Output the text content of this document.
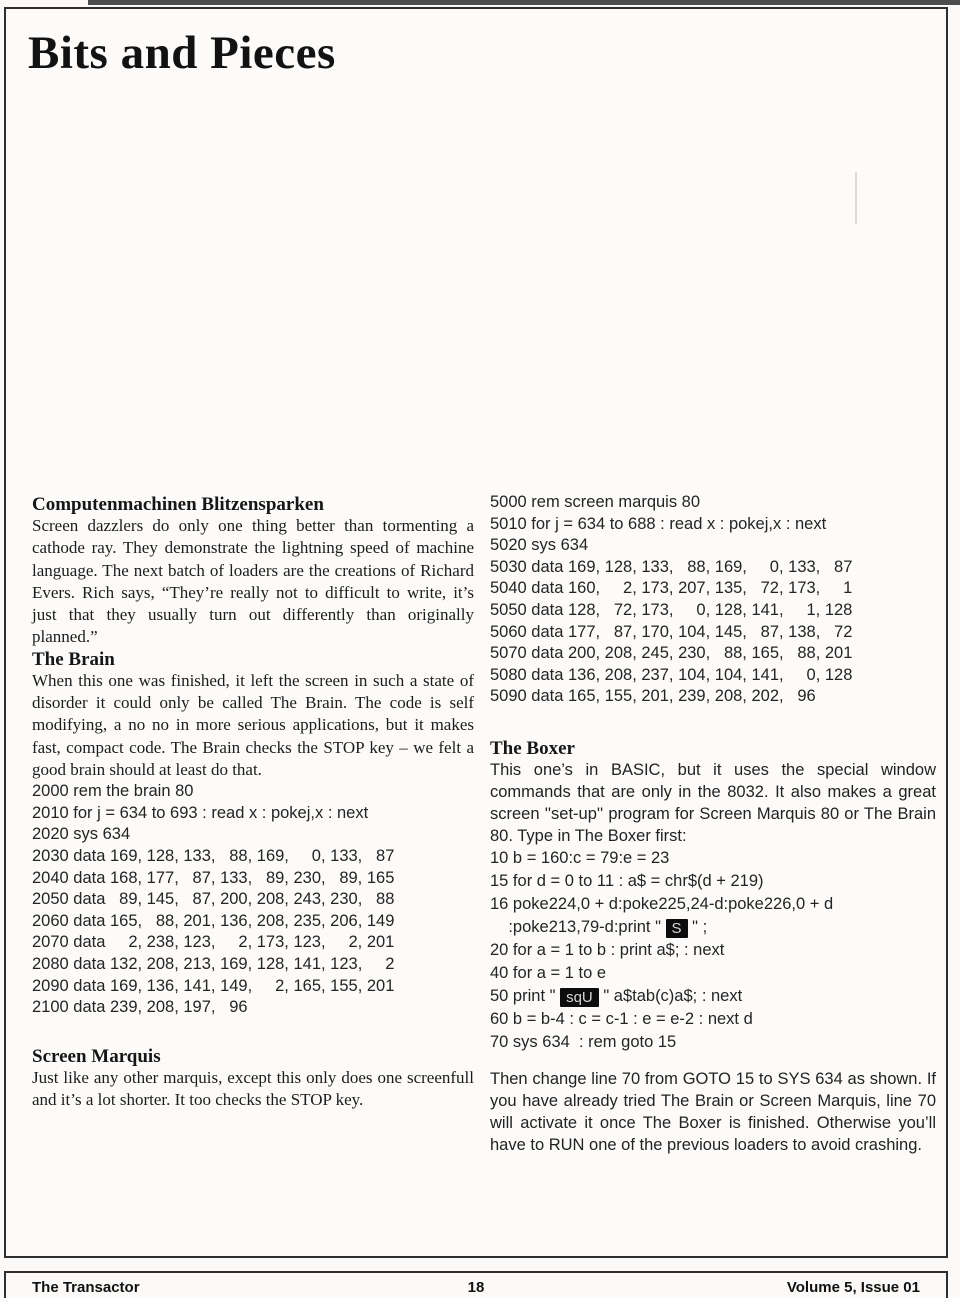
Bits and Pieces
Computenmachinen Blitzensparken

Screen dazzlers do only one thing better than tormenting a cathode ray. They demonstrate the lightning speed of machine language. The next batch of loaders are the creations of Richard Evers. Rich says, “They’re really not to difficult to write, it’s just that they usually turn out differently than originally planned.”

The Brain

When this one was finished, it left the screen in such a state of disorder it could only be called The Brain. The code is self modifying, a no no in more serious applications, but it makes fast, compact code. The Brain checks the STOP key – we felt a good brain should at least do that.

2000 rem the brain 80
2010 for j = 634 to 693 : read x : pokej,x : next
2020 sys 634
2030 data 169, 128, 133,   88, 169,     0, 133,   87
2040 data 168, 177,   87, 133,   89, 230,   89, 165
2050 data   89, 145,   87, 200, 208, 243, 230,   88
2060 data 165,   88, 201, 136, 208, 235, 206, 149
2070 data     2, 238, 123,     2, 173, 123,     2, 201
2080 data 132, 208, 213, 169, 128, 141, 123,     2
2090 data 169, 136, 141, 149,     2, 165, 155, 201
2100 data 239, 208, 197,   96
Screen Marquis

Just like any other marquis, except this only does one screenfull and it’s a lot shorter. It too checks the STOP key.

5000 rem screen marquis 80
5010 for j = 634 to 688 : read x : pokej,x : next
5020 sys 634
5030 data 169, 128, 133,   88, 169,     0, 133,   87
5040 data 160,     2, 173, 207, 135,   72, 173,     1
5050 data 128,   72, 173,     0, 128, 141,     1, 128
5060 data 177,   87, 170, 104, 145,   87, 138,   72
5070 data 200, 208, 245, 230,   88, 165,   88, 201
5080 data 136, 208, 237, 104, 104, 141,     0, 128
5090 data 165, 155, 201, 239, 208, 202,   96
The Boxer

This one’s in BASIC, but it uses the special window commands that are only in the 8032. It also makes a great screen ''set-up'' program for Screen Marquis 80 or The Brain 80. Type in The Boxer first:

10 b = 160:c = 79:e = 23
15 for d = 0 to 11 : a$ = chr$(d + 219)
16 poke224,0 + d:poke225,24-d:poke226,0 + d
:poke213,79-d:print " S " ;
20 for a = 1 to b : print a$; : next
40 for a = 1 to e
50 print " sqU " a$tab(c)a$; : next
60 b = b-4 : c = c-1 : e = e-2 : next d
70 sys 634  : rem goto 15

Then change line 70 from GOTO 15 to SYS 634 as shown. If you have already tried The Brain or Screen Marquis, line 70 will activate it once The Boxer is finished. Otherwise you’ll have to RUN one of the previous loaders to avoid crashing.

The Transactor	18	Volume 5, Issue 01
